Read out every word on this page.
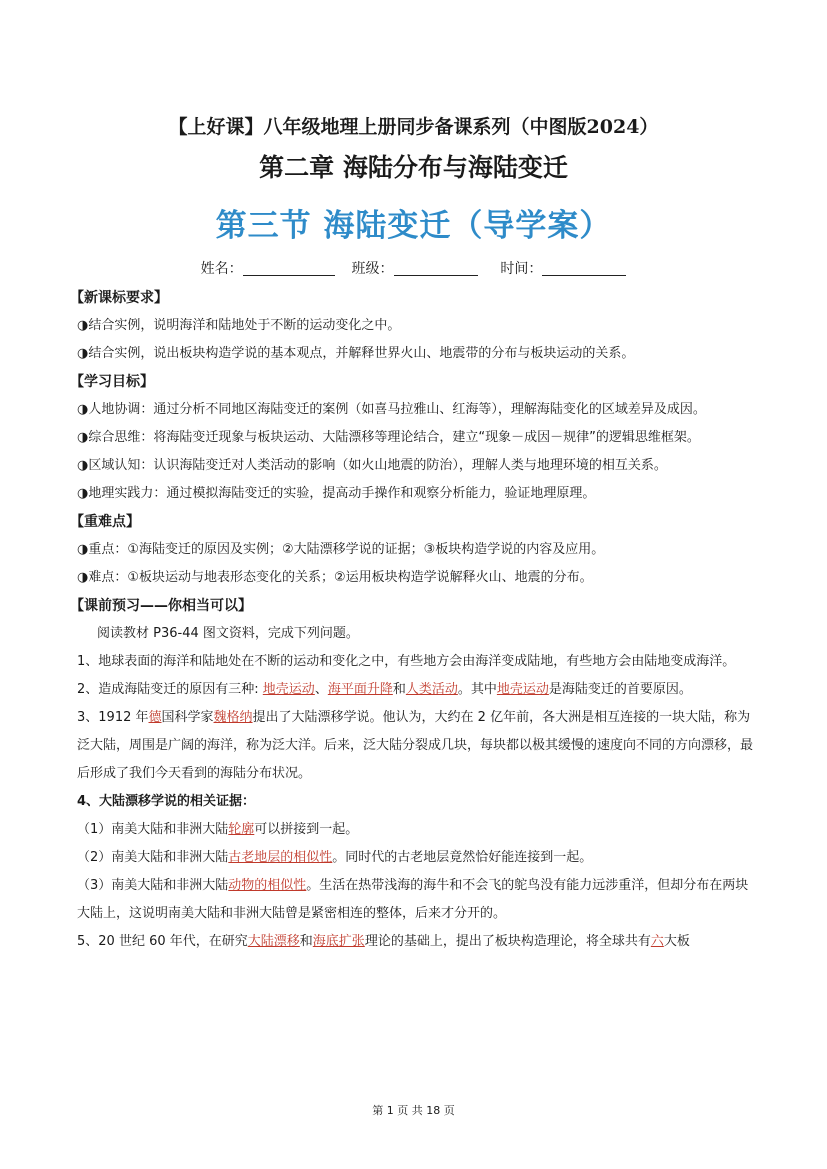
【上好课】八年级地理上册同步备课系列（中图版2024）
第二章 海陆分布与海陆变迁
第三节 海陆变迁（导学案）
姓名：	班级：	时间：
【新课标要求】

◑结合实例，说明海洋和陆地处于不断的运动变化之中。

◑结合实例，说出板块构造学说的基本观点，并解释世界火山、地震带的分布与板块运动的关系。

【学习目标】

◑人地协调：通过分析不同地区海陆变迁的案例（如喜马拉雅山、红海等），理解海陆变化的区域差异及成因。

◑综合思维：将海陆变迁现象与板块运动、大陆漂移等理论结合，建立“现象－成因－规律”的逻辑思维框架。

◑区域认知：认识海陆变迁对人类活动的影响（如火山地震的防治），理解人类与地理环境的相互关系。

◑地理实践力：通过模拟海陆变迁的实验，提高动手操作和观察分析能力，验证地理原理。

【重难点】

◑重点：①海陆变迁的原因及实例；②大陆漂移学说的证据；③板块构造学说的内容及应用。

◑难点：①板块运动与地表形态变化的关系；②运用板块构造学说解释火山、地震的分布。

【课前预习——你相当可以】

阅读教材 P36-44 图文资料，完成下列问题。

1、地球表面的海洋和陆地处在不断的运动和变化之中，有些地方会由海洋变成陆地，有些地方会由陆地变成海洋。

2、造成海陆变迁的原因有三种: 地壳运动、海平面升降和人类活动。其中地壳运动是海陆变迁的首要原因。

3、1912 年德国科学家魏格纳提出了大陆漂移学说。他认为，大约在 2 亿年前，各大洲是相互连接的一块大陆，称为泛大陆，周围是广阔的海洋，称为泛大洋。后来，泛大陆分裂成几块，每块都以极其缓慢的速度向不同的方向漂移，最后形成了我们今天看到的海陆分布状况。

4、大陆漂移学说的相关证据：

（1）南美大陆和非洲大陆轮廓可以拼接到一起。

（2）南美大陆和非洲大陆古老地层的相似性。同时代的古老地层竟然恰好能连接到一起。

（3）南美大陆和非洲大陆动物的相似性。生活在热带浅海的海牛和不会飞的鸵鸟没有能力远涉重洋，但却分布在两块大陆上，这说明南美大陆和非洲大陆曾是紧密相连的整体，后来才分开的。

5、20 世纪 60 年代，在研究大陆漂移和海底扩张理论的基础上，提出了板块构造理论，将全球共有六大板

第 1 页 共 18 页
